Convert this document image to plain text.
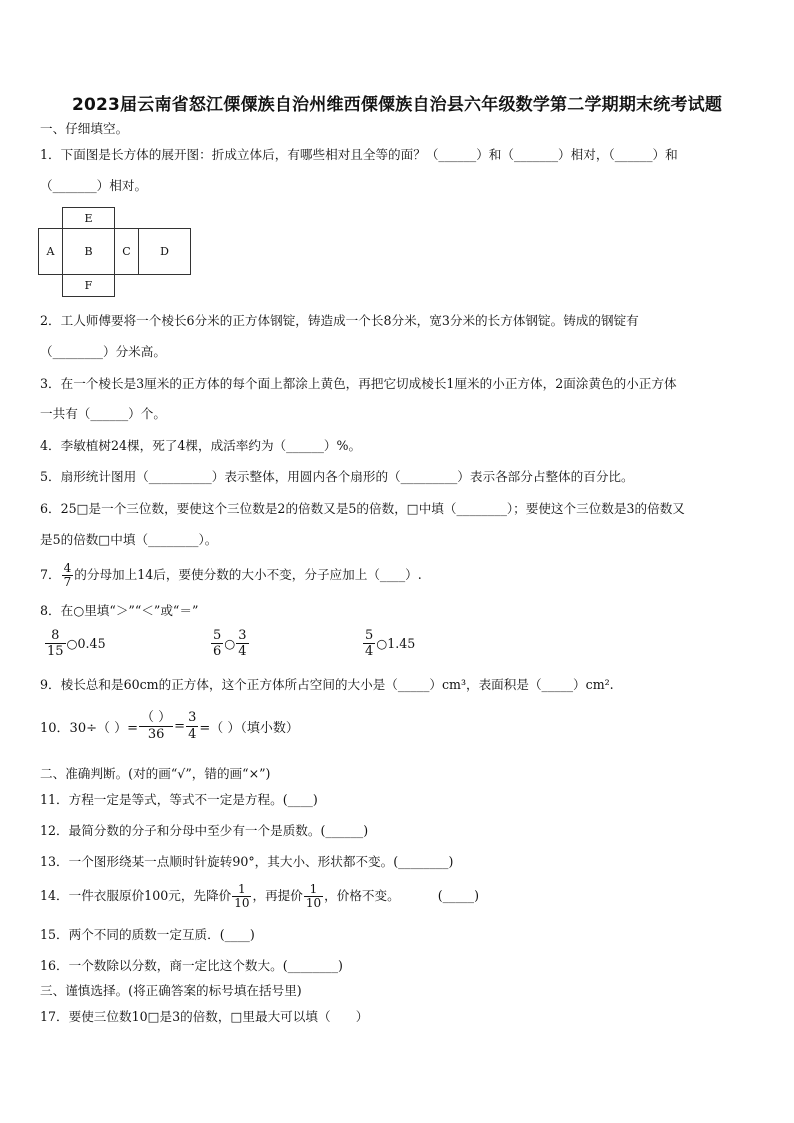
2023届云南省怒江傈僳族自治州维西傈僳族自治县六年级数学第二学期期末统考试题
一、仔细填空。
1．下面图是长方体的展开图：折成立体后，有哪些相对且全等的面？（______）和（_______）相对，（______）和
（_______）相对。
E
A	B	C	D
F
2．工人师傅要将一个棱长6分米的正方体钢锭，铸造成一个长8分米，宽3分米的长方体钢锭。铸成的钢锭有
（________）分米高。
3．在一个棱长是3厘米的正方体的每个面上都涂上黄色，再把它切成棱长1厘米的小正方体，2面涂黄色的小正方体
一共有（______）个。
4．李敏植树24棵，死了4棵，成活率约为（______）%。
5．扇形统计图用（__________）表示整体，用圆内各个扇形的（_________）表示各部分占整体的百分比。
6．25□是一个三位数，要使这个三位数是2的倍数又是5的倍数，□中填（________）；要使这个三位数是3的倍数又
是5的倍数□中填（________）。
7． $\frac{4}{7}$ 的分母加上14后，要使分数的大小不变，分子应加上（____）.
8．在○里填“＞”“＜”或“＝”
$\frac{8}{15}$ ○0.45	$\frac{5}{6}$ ○ $\frac{3}{4}$	$\frac{5}{4}$ ○1.45
9．棱长总和是60cm的正方体，这个正方体所占空间的大小是（_____）cm³，表面积是（_____）cm².
10． 30÷（ ）= $\frac{( )}{36} = \frac{3}{4}$ =（ ）（填小数）
二、准确判断。(对的画“√”，错的画“×”)
11．方程一定是等式，等式不一定是方程。(____)
12．最简分数的分子和分母中至少有一个是质数。(______)
13．一个图形绕某一点顺时针旋转90°，其大小、形状都不变。(________)
14．一件衣服原价100元，先降价 $\frac{1}{10}$ ，再提价 $\frac{1}{10}$ ，价格不变。	(_____)
15．两个不同的质数一定互质．(____)
16．一个数除以分数，商一定比这个数大。(________)
三、谨慎选择。(将正确答案的标号填在括号里)
17．要使三位数10□是3的倍数，□里最大可以填（　　）
